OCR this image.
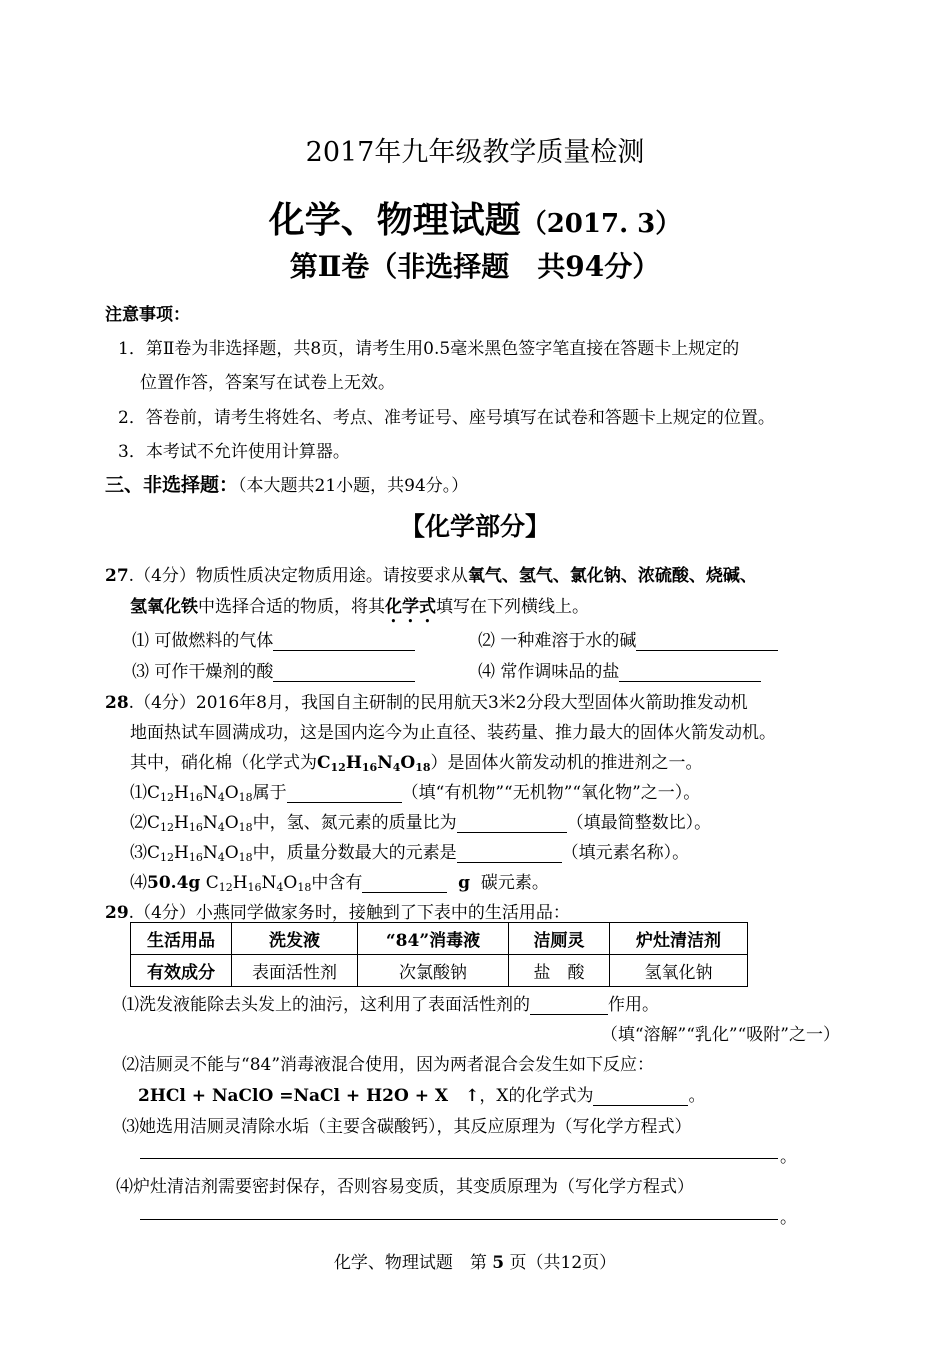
2017年九年级教学质量检测
化学、物理试题（2017. 3）
第Ⅱ卷（非选择题　共94分）
注意事项：
1．第Ⅱ卷为非选择题，共8页，请考生用0.5毫米黑色签字笔直接在答题卡上规定的
位置作答，答案写在试卷上无效。
2．答卷前，请考生将姓名、考点、准考证号、座号填写在试卷和答题卡上规定的位置。
3．本考试不允许使用计算器。
三、非选择题：（本大题共21小题，共94分。）
【化学部分】
27.（4分）物质性质决定物质用途。请按要求从氧气、氢气、氯化钠、浓硫酸、烧碱、
氢氧化铁中选择合适的物质，将其化学式填写在下列横线上。
⑴ 可做燃料的气体	⑵ 一种难溶于水的碱
⑶ 可作干燥剂的酸	⑷ 常作调味品的盐
28.（4分）2016年8月，我国自主研制的民用航天3米2分段大型固体火箭助推发动机
地面热试车圆满成功，这是国内迄今为止直径、装药量、推力最大的固体火箭发动机。
其中，硝化棉（化学式为$C_{12}H_{16}N_4O_{18}$）是固体火箭发动机的推进剂之一。
$⑴C_{12}H_{16}N_4O_{18}$属于	（填“有机物”“无机物”“氧化物”之一）。
$⑵C_{12}H_{16}N_4O_{18}$中，氢、氮元素的质量比为	（填最简整数比）。
$⑶C_{12}H_{16}N_4O_{18}$中，质量分数最大的元素是	（填元素名称）。
⑷50.4g $C_{12}H_{16}N_4O_{18}$中含有	g 碳元素。
29.（4分）小燕同学做家务时，接触到了下表中的生活用品：
生活用品	洗发液	“84”消毒液	洁厕灵	炉灶清洁剂
有效成分	表面活性剂	次氯酸钠	盐　酸	氢氧化钠
⑴洗发液能除去头发上的油污，这利用了表面活性剂的	作用。
（填“溶解”“乳化”“吸附”之一）
⑵洁厕灵不能与“84”消毒液混合使用，因为两者混合会发生如下反应：
2HCl + NaClO =NaCl + H2O + X　↑，X的化学式为	。
⑶她选用洁厕灵清除水垢（主要含碳酸钙），其反应原理为（写化学方程式）
。
⑷炉灶清洁剂需要密封保存，否则容易变质，其变质原理为（写化学方程式）
。
化学、物理试题　第 5 页（共12页）
